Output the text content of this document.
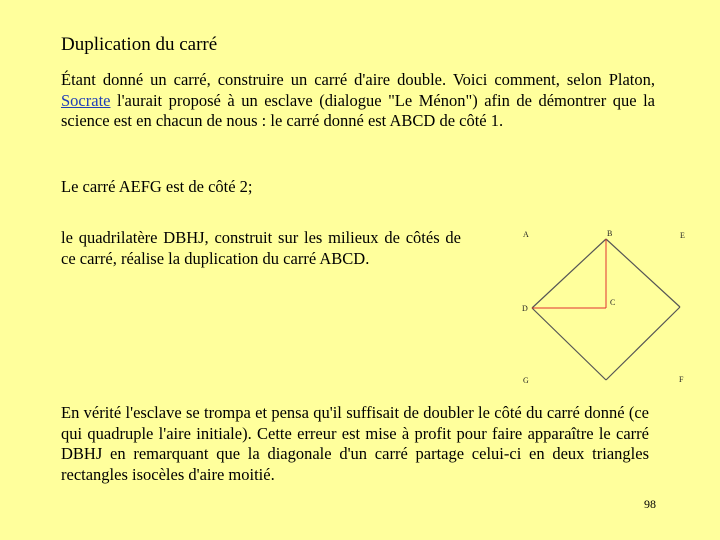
Duplication du carré
Étant donné un carré, construire un carré d'aire double. Voici comment, selon Platon, Socrate l'aurait proposé à un esclave (dialogue "Le Ménon") afin de démontrer que la science est en chacun de nous : le carré donné est ABCD de côté 1.
Le carré AEFG est de côté 2;
le quadrilatère DBHJ, construit sur les milieux de côtés de ce carré, réalise la duplication du carré ABCD.
A	B	E
D
C
G	F
En vérité l'esclave se trompa et pensa qu'il suffisait de doubler le côté du carré donné (ce qui quadruple l'aire initiale). Cette erreur est mise à profit pour faire apparaître le carré DBHJ en remarquant que la diagonale d'un carré partage celui-ci en deux triangles rectangles isocèles d'aire moitié.
98
